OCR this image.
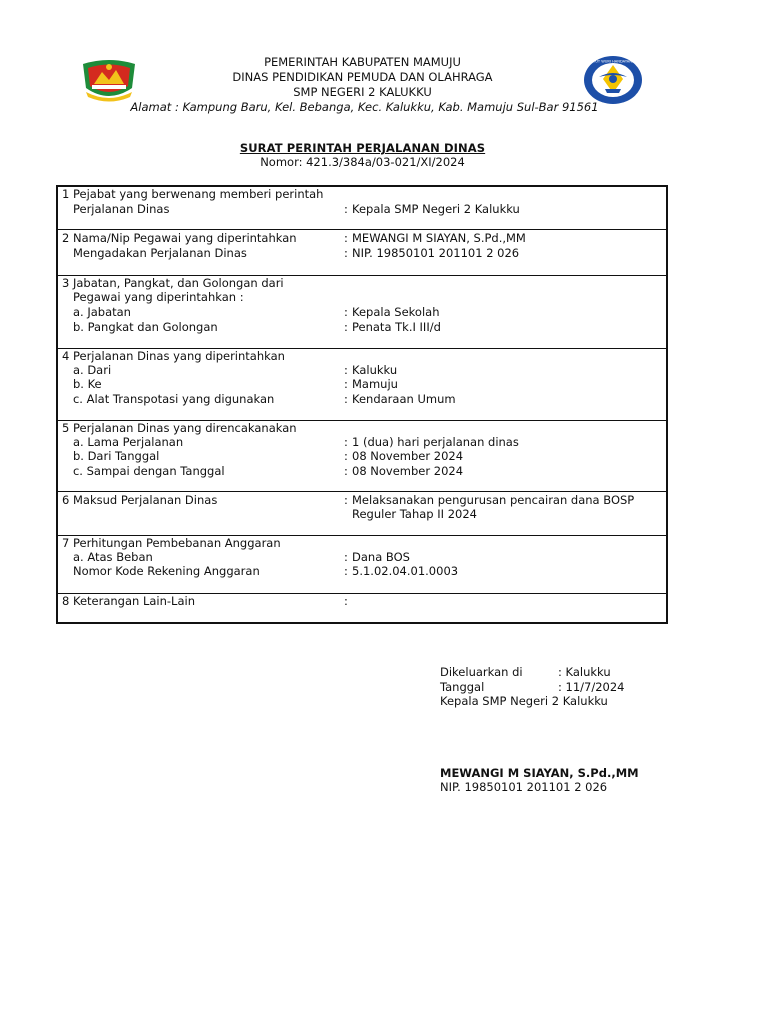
TUT WURI HANDAYANI
PEMERINTAH KABUPATEN MAMUJU
DINAS PENDIDIKAN PEMUDA DAN OLAHRAGA
SMP NEGERI 2 KALUKKU
Alamat : Kampung Baru, Kel. Bebanga, Kec. Kalukku, Kab. Mamuju Sul-Bar 91561
SURAT PERINTAH PERJALANAN DINAS
Nomor: 421.3/384a/03-021/XI/2024
1 Pejabat yang berwenang memberi perintah
Perjalanan Dinas	: Kepala SMP Negeri 2 Kalukku
2 Nama/Nip Pegawai yang diperintahkan	: MEWANGI M SIAYAN, S.Pd.,MM
Mengadakan Perjalanan Dinas	: NIP. 19850101 201101 2 026
3 Jabatan, Pangkat, dan Golongan dari
Pegawai yang diperintahkan :
a. Jabatan	: Kepala Sekolah
b. Pangkat dan Golongan	: Penata Tk.I III/d
4 Perjalanan Dinas yang diperintahkan
a. Dari	: Kalukku
b. Ke	: Mamuju
c. Alat Transpotasi yang digunakan	: Kendaraan Umum
5 Perjalanan Dinas yang direncakanakan
a. Lama Perjalanan	: 1 (dua) hari perjalanan dinas
b. Dari Tanggal	: 08 November 2024
c. Sampai dengan Tanggal	: 08 November 2024
6 Maksud Perjalanan Dinas	: Melaksanakan pengurusan pencairan dana BOSP
Reguler Tahap II 2024
7 Perhitungan Pembebanan Anggaran
a. Atas Beban	: Dana BOS
Nomor Kode Rekening Anggaran	: 5.1.02.04.01.0003
8 Keterangan Lain-Lain	:
Dikeluarkan di	: Kalukku
Tanggal	: 11/7/2024
Kepala SMP Negeri 2 Kalukku
MEWANGI M SIAYAN, S.Pd.,MM
NIP. 19850101 201101 2 026
